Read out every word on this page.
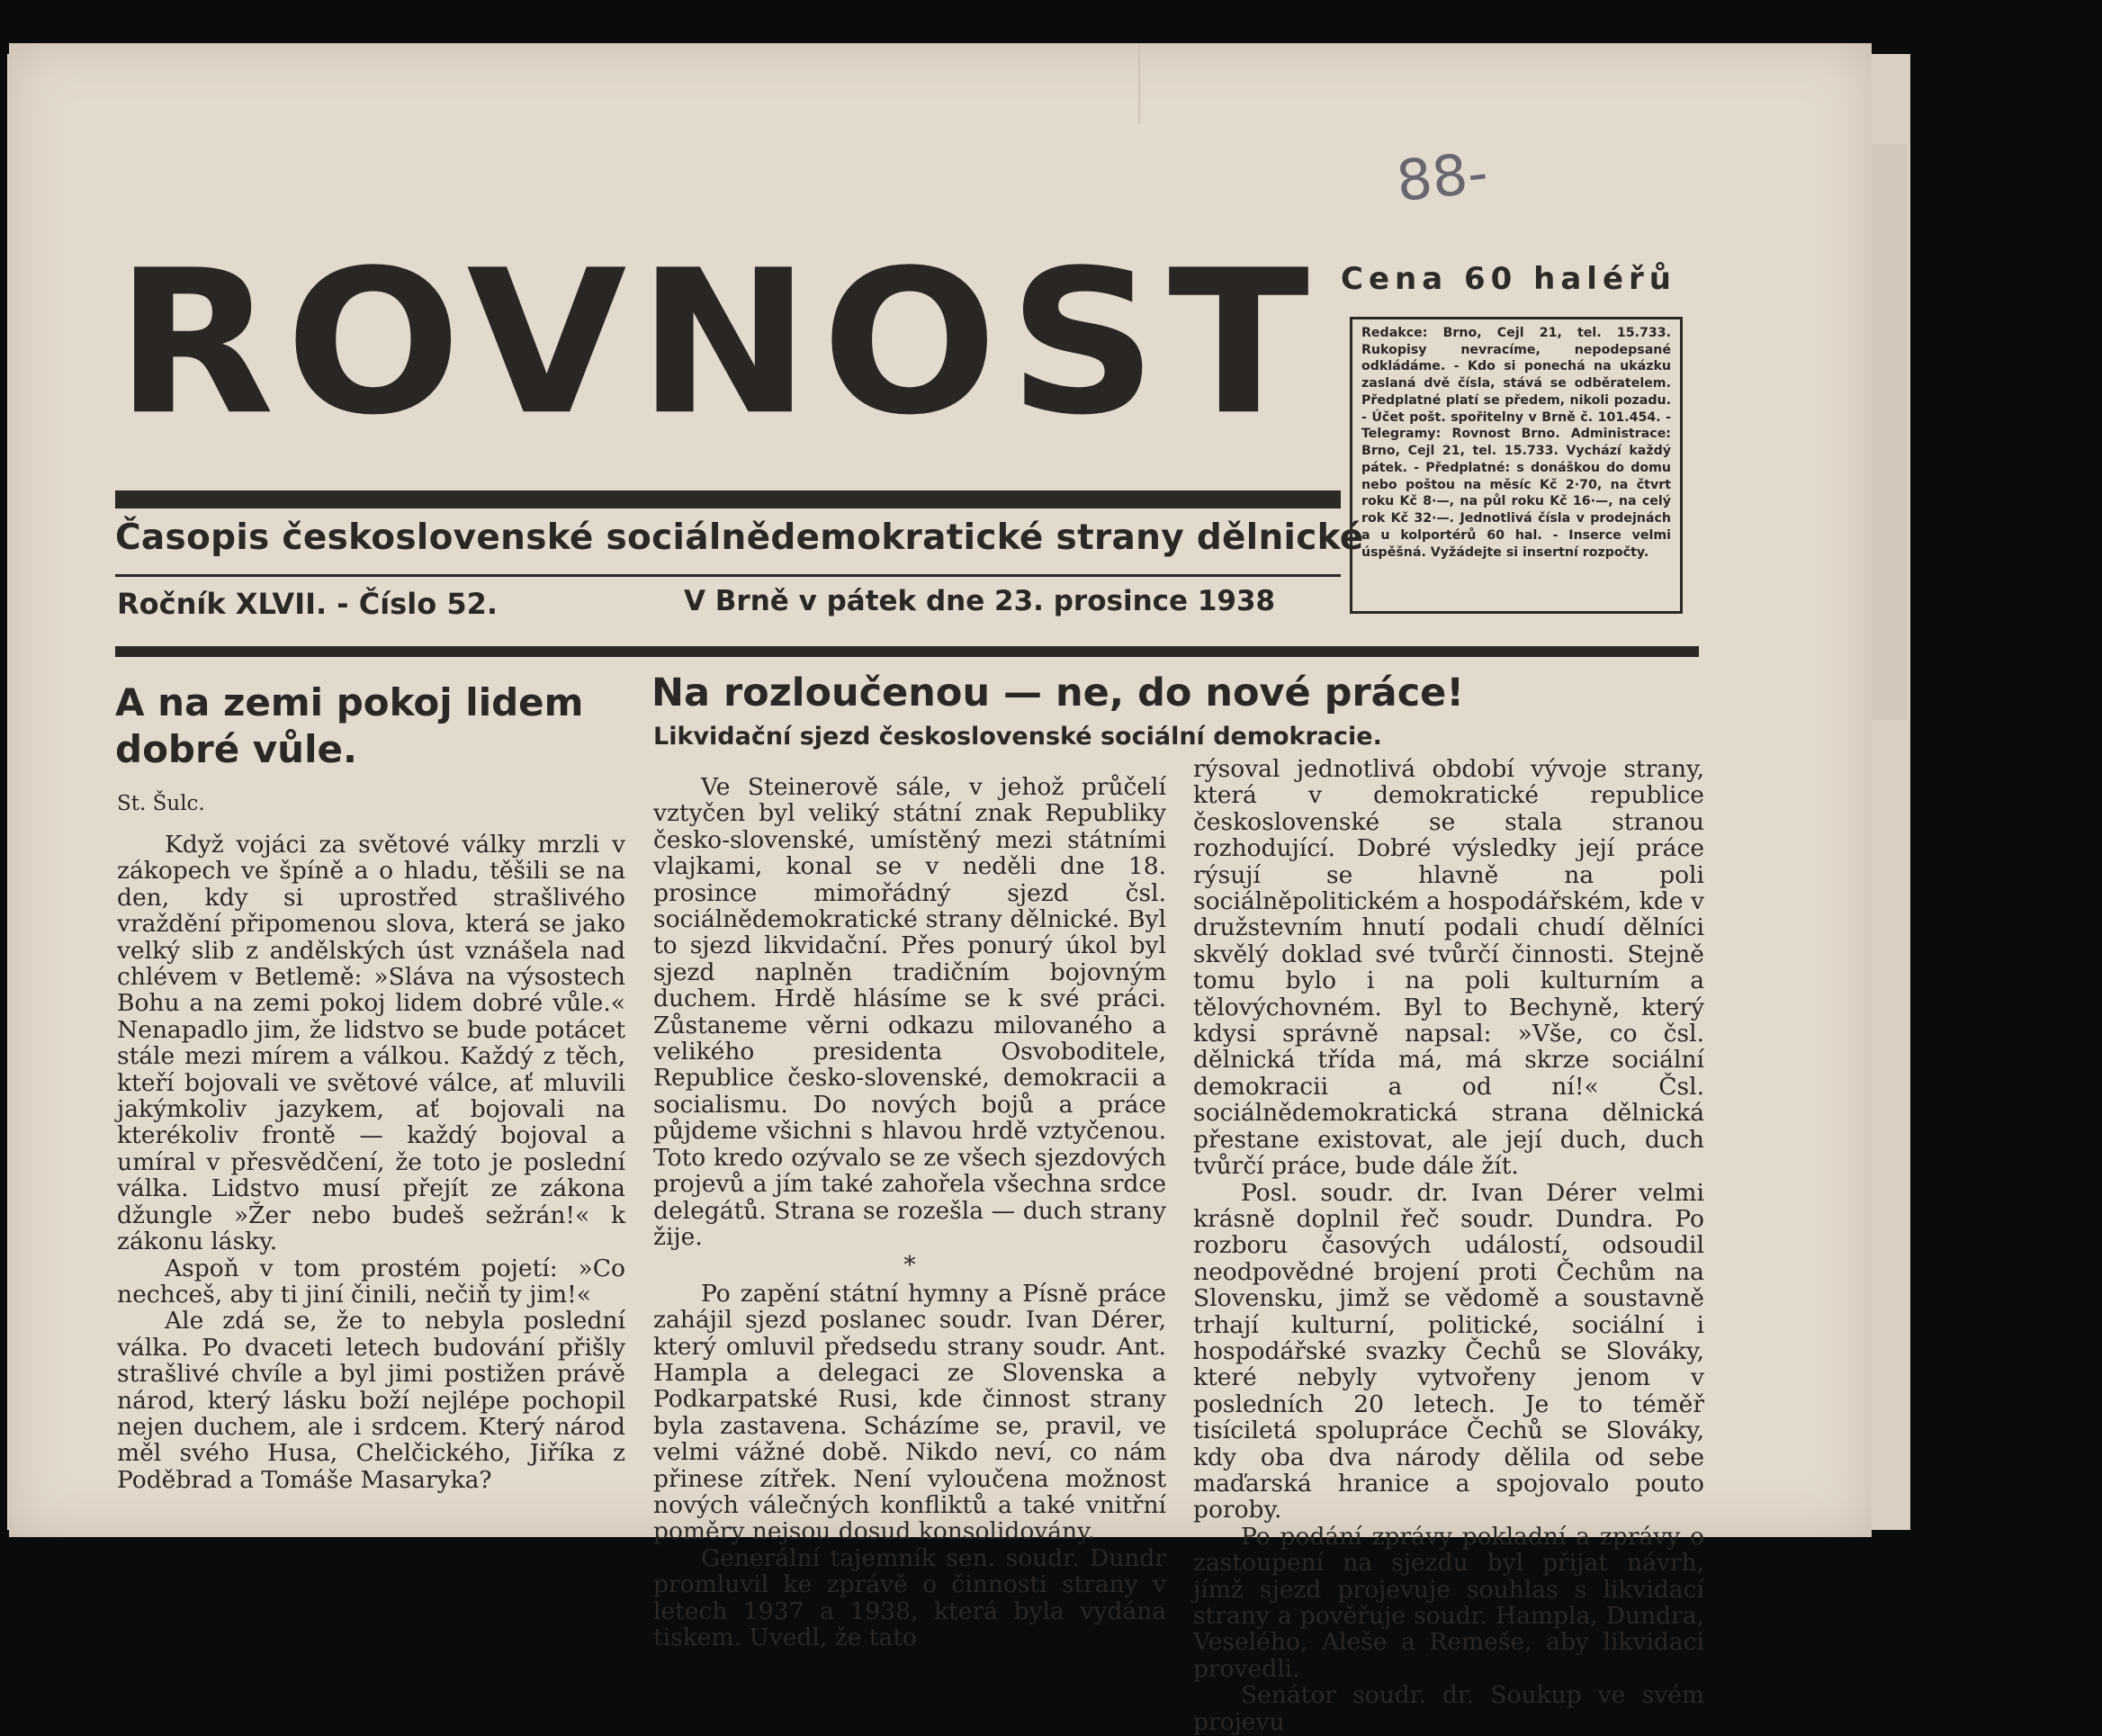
88-
Cena 60 haléřů
ROVNOST
Časopis československé sociálnědemokratické strany dělnické
Ročník XLVII. - Číslo 52.	V Brně v pátek dne 23. prosince 1938
Redakce: Brno, Cejl 21, tel. 15.733. Rukopisy nevracíme, nepodepsané odkládáme. - Kdo si ponechá na ukázku zaslaná dvě čísla, stává se odběratelem. Předplatné platí se předem, nikoli pozadu. - Účet pošt. spořitelny v Brně č. 101.454. - Telegramy: Rovnost Brno. Administrace: Brno, Cejl 21, tel. 15.733. Vychází každý pátek. - Předplatné: s donáškou do domu nebo poštou na měsíc Kč 2·70, na čtvrt roku Kč 8·—, na půl roku Kč 16·—, na celý rok Kč 32·—. Jednotlivá čísla v prodejnách a u kolportérů 60 hal. - Inserce velmi úspěšná. Vyžádejte si insertní rozpočty.
A na zemi pokoj lidem dobré vůle.
St. Šulc.

Když vojáci za světové války mrzli v zákopech ve špíně a o hladu, těšili se na den, kdy si uprostřed strašlivého vraždění připomenou slova, která se jako velký slib z andělských úst vznášela nad chlévem v Betlemě: »Sláva na výsostech Bohu a na zemi pokoj lidem dobré vůle.« Nenapadlo jim, že lidstvo se bude potácet stále mezi mírem a válkou. Každý z těch, kteří bojovali ve světové válce, ať mluvili jakýmkoliv jazykem, ať bojovali na kterékoliv frontě — každý bojoval a umíral v přesvědčení, že toto je poslední válka. Lidstvo musí přejít ze zákona džungle »Žer nebo budeš sežrán!« k zákonu lásky.

Aspoň v tom prostém pojetí: »Co nechceš, aby ti jiní činili, nečiň ty jim!«

Ale zdá se, že to nebyla poslední válka. Po dvaceti letech budování přišly strašlivé chvíle a byl jimi postižen právě národ, který lásku boží nejlépe pochopil nejen duchem, ale i srdcem. Který národ měl svého Husa, Chelčického, Jiříka z Poděbrad a Tomáše Masaryka?

Na rozloučenou — ne, do nové práce!
Likvidační sjezd československé sociální demokracie.

Ve Steinerově sále, v jehož průčelí vztyčen byl veliký státní znak Republiky česko-slovenské, umístěný mezi státními vlajkami, konal se v neděli dne 18. prosince mimořádný sjezd čsl. sociálnědemokratické strany dělnické. Byl to sjezd likvidační. Přes ponurý úkol byl sjezd naplněn tradičním bojovným duchem. Hrdě hlásíme se k své práci. Zůstaneme věrni odkazu milovaného a velikého presidenta Osvoboditele, Republice česko-slovenské, demokracii a socialismu. Do nových bojů a práce půjdeme všichni s hlavou hrdě vztyčenou. Toto kredo ozývalo se ze všech sjezdových projevů a jím také zahořela všechna srdce delegátů. Strana se rozešla — duch strany žije.

*

Po zapění státní hymny a Písně práce zahájil sjezd poslanec soudr. Ivan Dérer, který omluvil předsedu strany soudr. Ant. Hampla a delegaci ze Slovenska a Podkarpatské Rusi, kde činnost strany byla zastavena. Scházíme se, pravil, ve velmi vážné době. Nikdo neví, co nám přinese zítřek. Není vyloučena možnost nových válečných konfliktů a také vnitřní poměry nejsou dosud konsolidovány.

Generální tajemník sen. soudr. Dundr promluvil ke zprávě o činnosti strany v letech 1937 a 1938, která byla vydána tiskem. Uvedl, že tato

rýsoval jednotlivá období vývoje strany, která v demokratické republice československé se stala stranou rozhodující. Dobré výsledky její práce rýsují se hlavně na poli sociálněpolitickém a hospodářském, kde v družstevním hnutí podali chudí dělníci skvělý doklad své tvůrčí činnosti. Stejně tomu bylo i na poli kulturním a tělovýchovném. Byl to Bechyně, který kdysi správně napsal: »Vše, co čsl. dělnická třída má, má skrze sociální demokracii a od ní!« Čsl. sociálnědemokratická strana dělnická přestane existovat, ale její duch, duch tvůrčí práce, bude dále žít.

Posl. soudr. dr. Ivan Dérer velmi krásně doplnil řeč soudr. Dundra. Po rozboru časových událostí, odsoudil neodpovědné brojení proti Čechům na Slovensku, jimž se vědomě a soustavně trhají kulturní, politické, sociální i hospodářské svazky Čechů se Slováky, které nebyly vytvořeny jenom v posledních 20 letech. Je to téměř tisíciletá spolupráce Čechů se Slováky, kdy oba dva národy dělila od sebe maďarská hranice a spojovalo pouto poroby.

Po podání zprávy pokladní a zprávy o zastoupení na sjezdu byl přijat návrh, jímž sjezd projevuje souhlas s likvidací strany a pověřuje soudr. Hampla, Dundra, Veselého, Aleše a Remeše, aby likvidaci provedli.

Senátor soudr. dr. Soukup ve svém projevu
